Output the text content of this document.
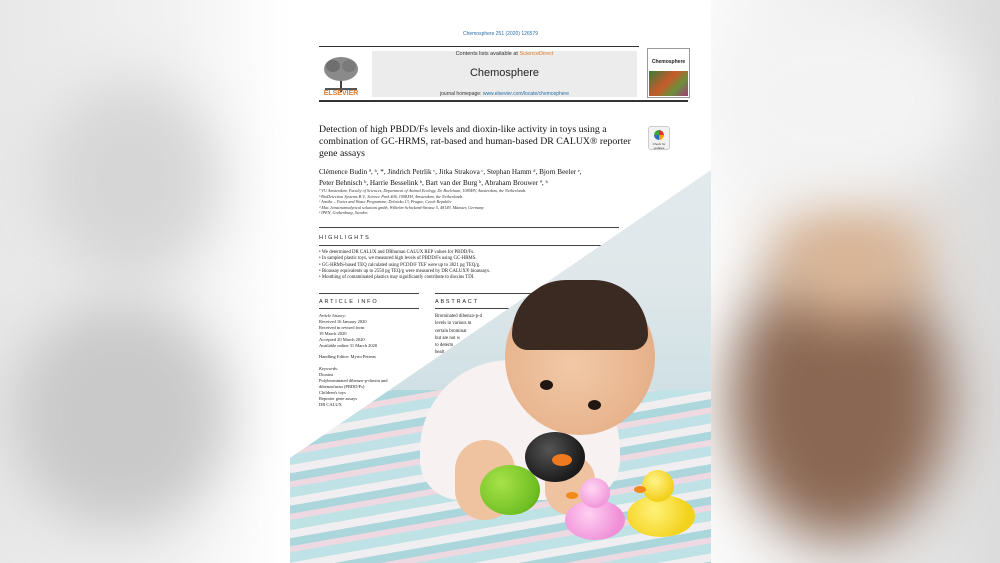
Chemosphere 251 (2020) 126579
ELSEVIER
Contents lists available at ScienceDirect
Chemosphere
journal homepage: www.elsevier.com/locate/chemosphere
Chemosphere
Detection of high PBDD/Fs levels and dioxin-like activity in toys using a combination of GC-HRMS, rat-based and human-based DR CALUX® reporter gene assays
Check for updates
Clémence Budin ª, ᵇ, *, Jindrich Petrlik ᶜ, Jitka Strakova ᶜ, Stephan Hamm ᵈ, Bjorn Beeler ᵉ,
Peter Behnisch ᵇ, Harrie Besselink ᵇ, Bart van der Burg ᵇ, Abraham Brouwer ª, ᵇ
ª VU Amsterdam, Faculty of Sciences, Department of Animal Ecology, De Boelelaan, 1085HV, Amsterdam, the Netherlands
ᵇ BioDetection Systems B.V., Science Park 406, 1098XH, Amsterdam, the Netherlands
ᶜ Arnika – Toxics and Waste Programme, Delnicka 13, Prague, Czech Republic
ᵈ Max Jeinstrumnalytical solutions gmbh, Wilhelm-Schickard-Strasse 5, 48149, Münster, Germany
ᵉ IPEN, Gothenburg, Sweden
HIGHLIGHTS
• We determined DR CALUX and DRhuman CALUX REP values for PBDD/Fs.
• In sampled plastic toys, we measured high levels of PBDD/Fs using GC-HRMS.
• GC-HRMS-based TEQ calculated using PCDD/F TEF were up to 3821 pg TEQ/g.
• Bioassay equivalents up to 2550 pg TEQ/g were measured by DR CALUX® bioassays.
• Mouthing of contaminated plastics may significantly contribute to dioxins TDI.
ARTICLE INFO
Article history:
Received 16 January 2020
Received in revised form
19 March 2020
Accepted 20 March 2020
Available online 31 March 2020
Handling Editor: Myrto Petreas
Keywords:
Dioxins
Polybrominated dibenzo-p-dioxin and
dibenzofuran (PBDD/Fs)
Children's toys
Reporter gene assays
DR CALUX
ABSTRACT
Brominated dibenzo-p-d
levels in various m
certain brominat
but are not w
to determ
healt
